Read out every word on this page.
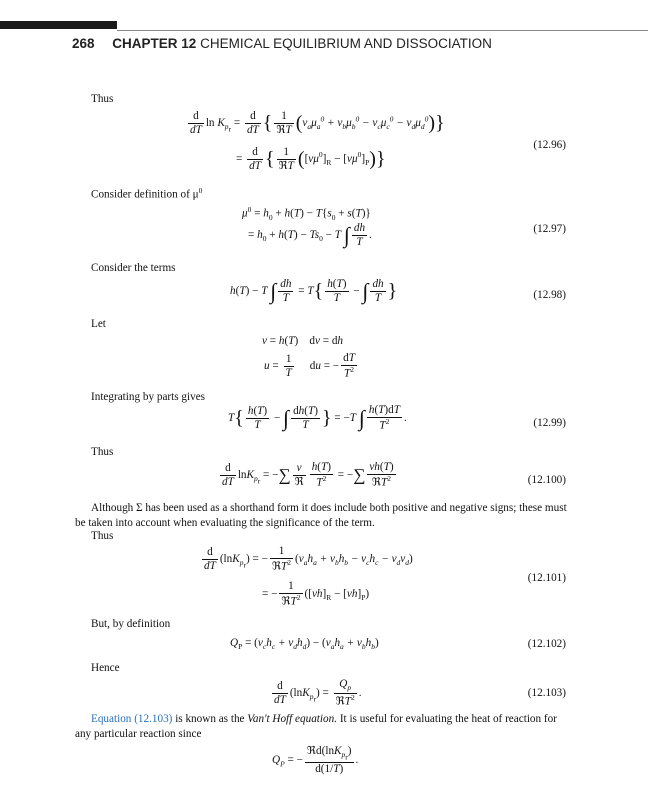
268 CHAPTER 12 CHEMICAL EQUILIBRIUM AND DISSOCIATION
Thus
$\frac{d}{dT}$ $\ln K_{p_r} = \frac{d}{dT}$ { $\frac{1}{\text{ℜT}} (v_a\mu_a^0 + v_b\mu_b^0 - v_c\mu_c^0 - v_d\mu_d^0)$}
= $\frac{d}{dT}$ { $\frac{1}{\text{ℜT}} ([v\mu^0]_R - [v\mu^0]_P)$}
(12.96)
Consider definition of $\mu^0$
$\mu^0 = h_0 + h(T) - T\{s_0 + s(T)\}$
= $h_0 + h(T) - Ts_0 - T$ ∫ $\frac{dh}{T}$ .	(12.97)
Consider the terms
h(T) − T ∫ $\frac{dh}{T} = T\{ \frac{h(T)}{T}$ − ∫ $\frac{dh}{T}$ }	(12.98)
Let
v = h(T)    dv = dh
$u = \frac{1}{T}$ du = − $\frac{dT}{T^2}$
Integrating by parts gives
$T\{ \frac{h(T)}{T}$ − ∫ $\frac{dh(T)}{T}$ } = −T ∫ $\frac{h(T)dT}{T^2}$ .	(12.99)
Thus
$\frac{d}{dT} \ln K_{p_r}$ = −∑ $\frac{v}{\text{ℜ}} \frac{h(T)}{T^2}$ = −∑ $\frac{vh(T)}{ℜT^2}$	(12.100)
Although Σ has been used as a shorthand form it does include both positive and negative signs; these must be taken into account when evaluating the significance of the term.
Thus
$\frac{d}{dT} (\ln K_{p_r})$ = − $\frac{1}{ℜT^2} (v_ah_a + v_bh_b - v_ch_c - v_dv_d)$
= − $\frac{1}{ℜT^2} ([vh]_R - [vh]_P)$
(12.101)
But, by definition
$Q_P = (v_ch_c + v_dh_d) - (v_ah_a + v_bh_b)$	(12.102)
Hence
$\frac{d}{dT} (\ln K_{p_r}) = \frac{Q_p}{ℜT^2}$ .	(12.103)
Equation (12.103) is known as the Van't Hoff equation. It is useful for evaluating the heat of reaction for any particular reaction since
$Q_P$ = − $\frac{ℜd(\ln K_{p_r})}{d(1/T)}$ .
